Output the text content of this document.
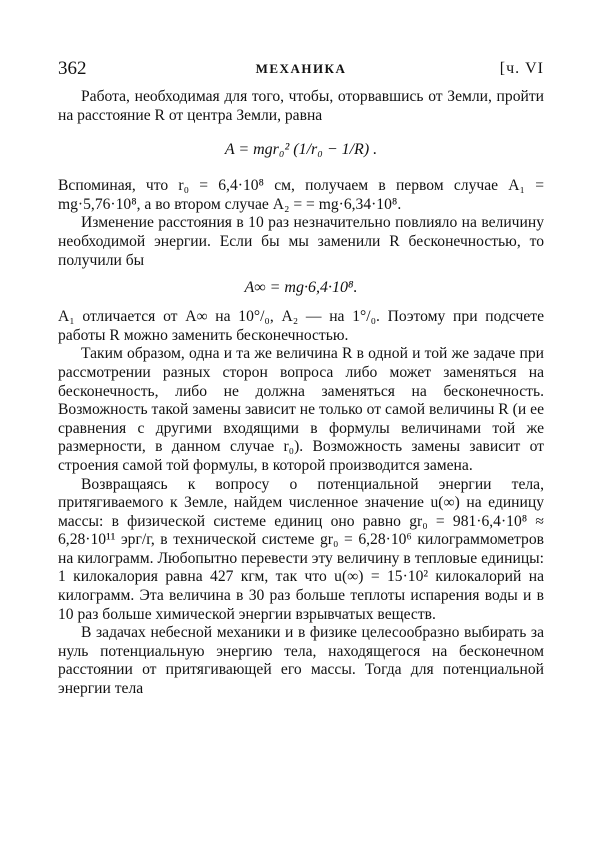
362	МЕХАНИКА	[ч. VI

Работа, необходимая для того, чтобы, оторвавшись от Земли, пройти на расстояние R от центра Земли, равна

A = mgr₀² (1/r₀ − 1/R) .

Вспоминая, что r₀ = 6,4·10⁸ см, получаем в первом случае A₁ = mg·5,76·10⁸, а во втором случае A₂ = = mg·6,34·10⁸.

Изменение расстояния в 10 раз незначительно повлияло на величину необходимой энергии. Если бы мы заменили R бесконечностью, то получили бы

A∞ = mg·6,4·10⁸.

A₁ отличается от A∞ на 10°/₀, A₂ — на 1°/₀. Поэтому при подсчете работы R можно заменить бесконечностью.

Таким образом, одна и та же величина R в одной и той же задаче при рассмотрении разных сторон вопроса либо может заменяться на бесконечность, либо не должна заменяться на бесконечность. Возможность такой замены зависит не только от самой величины R (и ее сравнения с другими входящими в формулы величинами той же размерности, в данном случае r₀). Возможность замены зависит от строения самой той формулы, в которой производится замена.

Возвращаясь к вопросу о потенциальной энергии тела, притягиваемого к Земле, найдем численное значение u(∞) на единицу массы: в физической системе единиц оно равно gr₀ = 981·6,4·10⁸ ≈ 6,28·10¹¹ эрг/г, в технической системе gr₀ = 6,28·10⁶ килограммометров на килограмм. Любопытно перевести эту величину в тепловые единицы: 1 килокалория равна 427 кгм, так что u(∞) = 15·10² килокалорий на килограмм. Эта величина в 30 раз больше теплоты испарения воды и в 10 раз больше химической энергии взрывчатых веществ.

В задачах небесной механики и в физике целесообразно выбирать за нуль потенциальную энергию тела, находящегося на бесконечном расстоянии от притягивающей его массы. Тогда для потенциальной энергии тела
